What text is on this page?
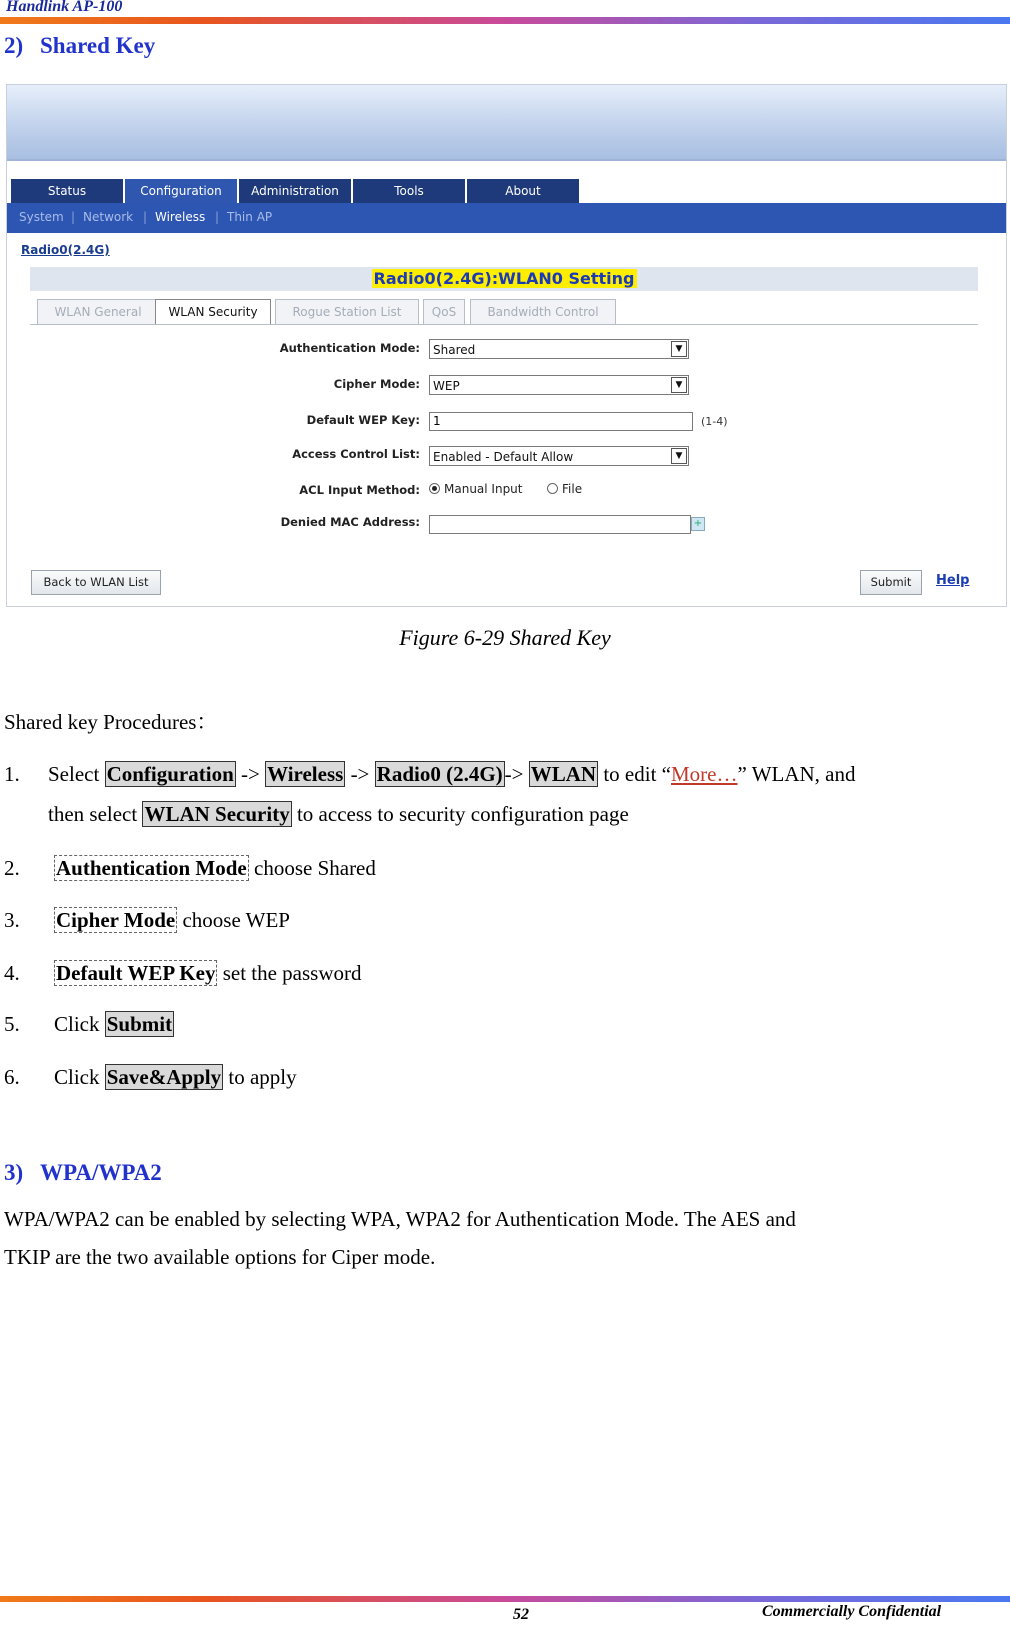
Handlink AP-100
2) Shared Key
Status	Configuration	Administration	Tools	About
System | Network | Wireless | Thin AP
Radio0(2.4G)
Radio0(2.4G):WLAN0 Setting
WLAN General	WLAN Security	Rogue Station List	QoS	Bandwidth Control
Authentication Mode:	Shared	▼
Cipher Mode:	WEP	▼
Default WEP Key:	1	(1-4)
Access Control List:	Enabled - Default Allow	▼
ACL Input Method:	Manual Input	File
Denied MAC Address:	+
Back to WLAN List	Submit	Help
Figure 6-29 Shared Key
Shared key Procedures：
1.	Select Configuration -> Wireless -> Radio0 (2.4G)-> WLAN to edit “More…” WLAN, and
then select WLAN Security to access to security configuration page
2.	Authentication Mode choose Shared
3.	Cipher Mode choose WEP
4.	Default WEP Key set the password
5.	Click Submit
6.	Click Save&Apply to apply
3) WPA/WPA2
WPA/WPA2 can be enabled by selecting WPA, WPA2 for Authentication Mode. The AES and
TKIP are the two available options for Ciper mode.
52	Commercially Confidential
